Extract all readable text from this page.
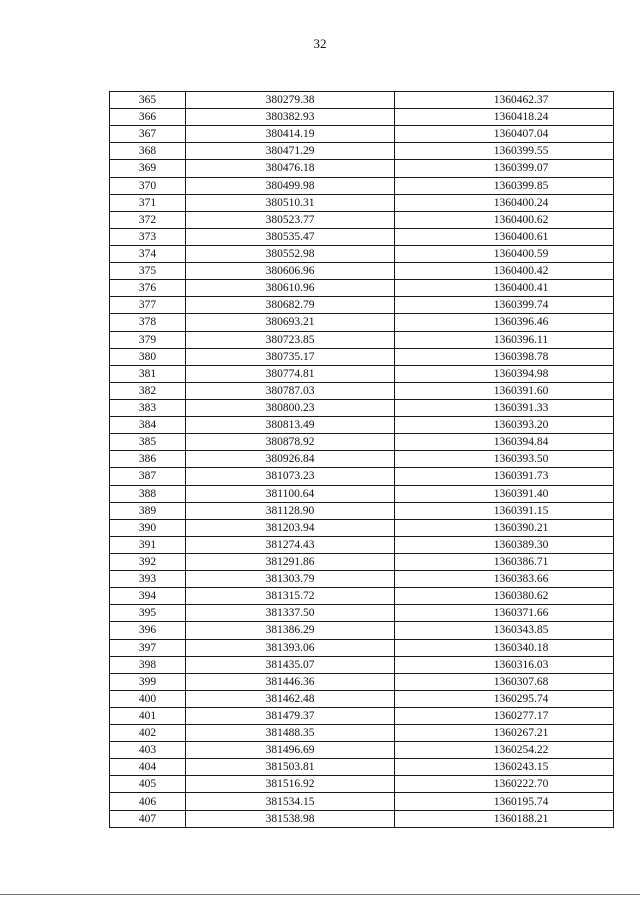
32
365	380279.38	1360462.37
366	380382.93	1360418.24
367	380414.19	1360407.04
368	380471.29	1360399.55
369	380476.18	1360399.07
370	380499.98	1360399.85
371	380510.31	1360400.24
372	380523.77	1360400.62
373	380535.47	1360400.61
374	380552.98	1360400.59
375	380606.96	1360400.42
376	380610.96	1360400.41
377	380682.79	1360399.74
378	380693.21	1360396.46
379	380723.85	1360396.11
380	380735.17	1360398.78
381	380774.81	1360394.98
382	380787.03	1360391.60
383	380800.23	1360391.33
384	380813.49	1360393.20
385	380878.92	1360394.84
386	380926.84	1360393.50
387	381073.23	1360391.73
388	381100.64	1360391.40
389	381128.90	1360391.15
390	381203.94	1360390.21
391	381274.43	1360389.30
392	381291.86	1360386.71
393	381303.79	1360383.66
394	381315.72	1360380.62
395	381337.50	1360371.66
396	381386.29	1360343.85
397	381393.06	1360340.18
398	381435.07	1360316.03
399	381446.36	1360307.68
400	381462.48	1360295.74
401	381479.37	1360277.17
402	381488.35	1360267.21
403	381496.69	1360254.22
404	381503.81	1360243.15
405	381516.92	1360222.70
406	381534.15	1360195.74
407	381538.98	1360188.21
